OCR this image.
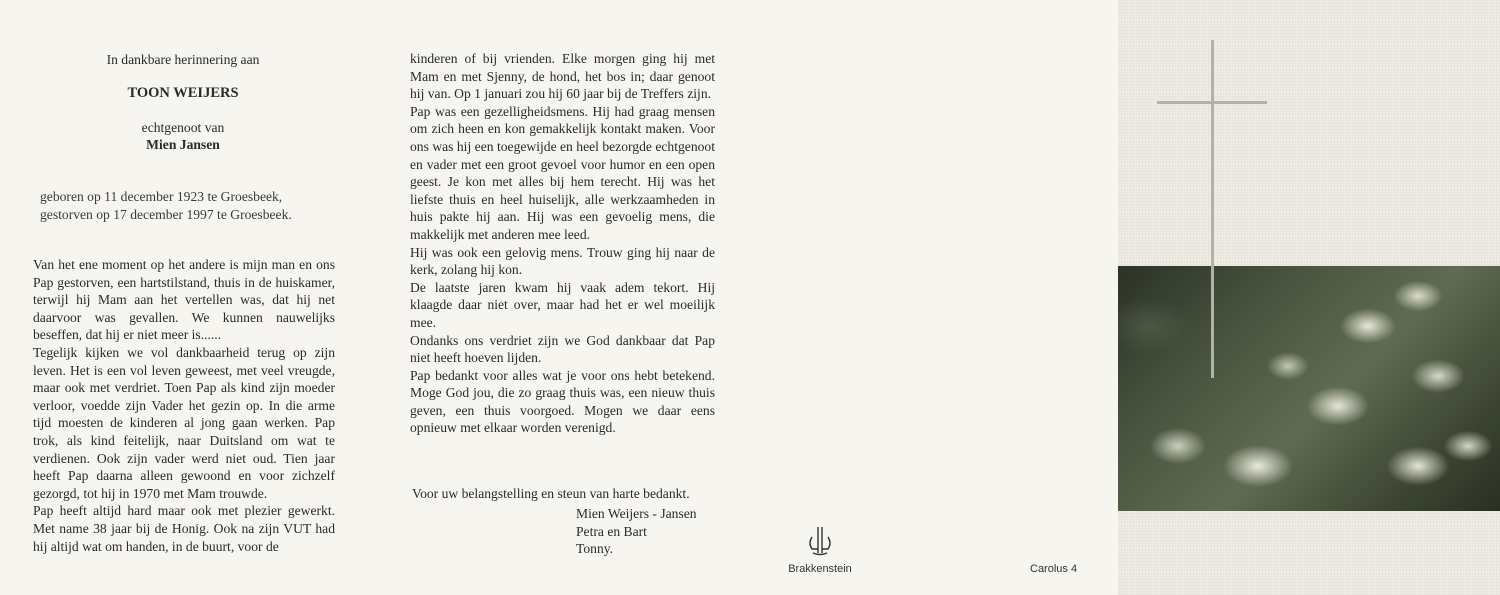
In dankbare herinnering aan
TOON WEIJERS
echtgenoot van
Mien Jansen
geboren op 11 december 1923 te Groesbeek,
gestorven op 17 december 1997 te Groesbeek.

Van het ene moment op het andere is mijn man en ons Pap gestorven, een hartstilstand, thuis in de huiskamer, terwijl hij Mam aan het vertellen was, dat hij net daarvoor was gevallen. We kunnen nauwelijks beseffen, dat hij er niet meer is......

Tegelijk kijken we vol dankbaarheid terug op zijn leven. Het is een vol leven geweest, met veel vreugde, maar ook met verdriet. Toen Pap als kind zijn moeder verloor, voedde zijn Vader het gezin op. In die arme tijd moesten de kinderen al jong gaan werken. Pap trok, als kind feitelijk, naar Duitsland om wat te verdienen. Ook zijn vader werd niet oud. Tien jaar heeft Pap daarna alleen gewoond en voor zichzelf gezorgd, tot hij in 1970 met Mam trouwde.

Pap heeft altijd hard maar ook met plezier gewerkt. Met name 38 jaar bij de Honig. Ook na zijn VUT had hij altijd wat om handen, in de buurt, voor de

kinderen of bij vrienden. Elke morgen ging hij met Mam en met Sjenny, de hond, het bos in; daar genoot hij van. Op 1 januari zou hij 60 jaar bij de Treffers zijn.

Pap was een gezelligheidsmens. Hij had graag mensen om zich heen en kon gemakkelijk kontakt maken. Voor ons was hij een toegewijde en heel bezorgde echtgenoot en vader met een groot gevoel voor humor en een open geest. Je kon met alles bij hem terecht. Hij was het liefste thuis en heel huiselijk, alle werkzaamheden in huis pakte hij aan. Hij was een gevoelig mens, die makkelijk met anderen mee leed.

Hij was ook een gelovig mens. Trouw ging hij naar de kerk, zolang hij kon.

De laatste jaren kwam hij vaak adem tekort. Hij klaagde daar niet over, maar had het er wel moeilijk mee.

Ondanks ons verdriet zijn we God dankbaar dat Pap niet heeft hoeven lijden.

Pap bedankt voor alles wat je voor ons hebt betekend. Moge God jou, die zo graag thuis was, een nieuw thuis geven, een thuis voorgoed. Mogen we daar eens opnieuw met elkaar worden verenigd.

Voor uw belangstelling en steun van harte bedankt.
Mien Weijers - Jansen
Petra en Bart
Tonny.
Brakkenstein	Carolus 4
